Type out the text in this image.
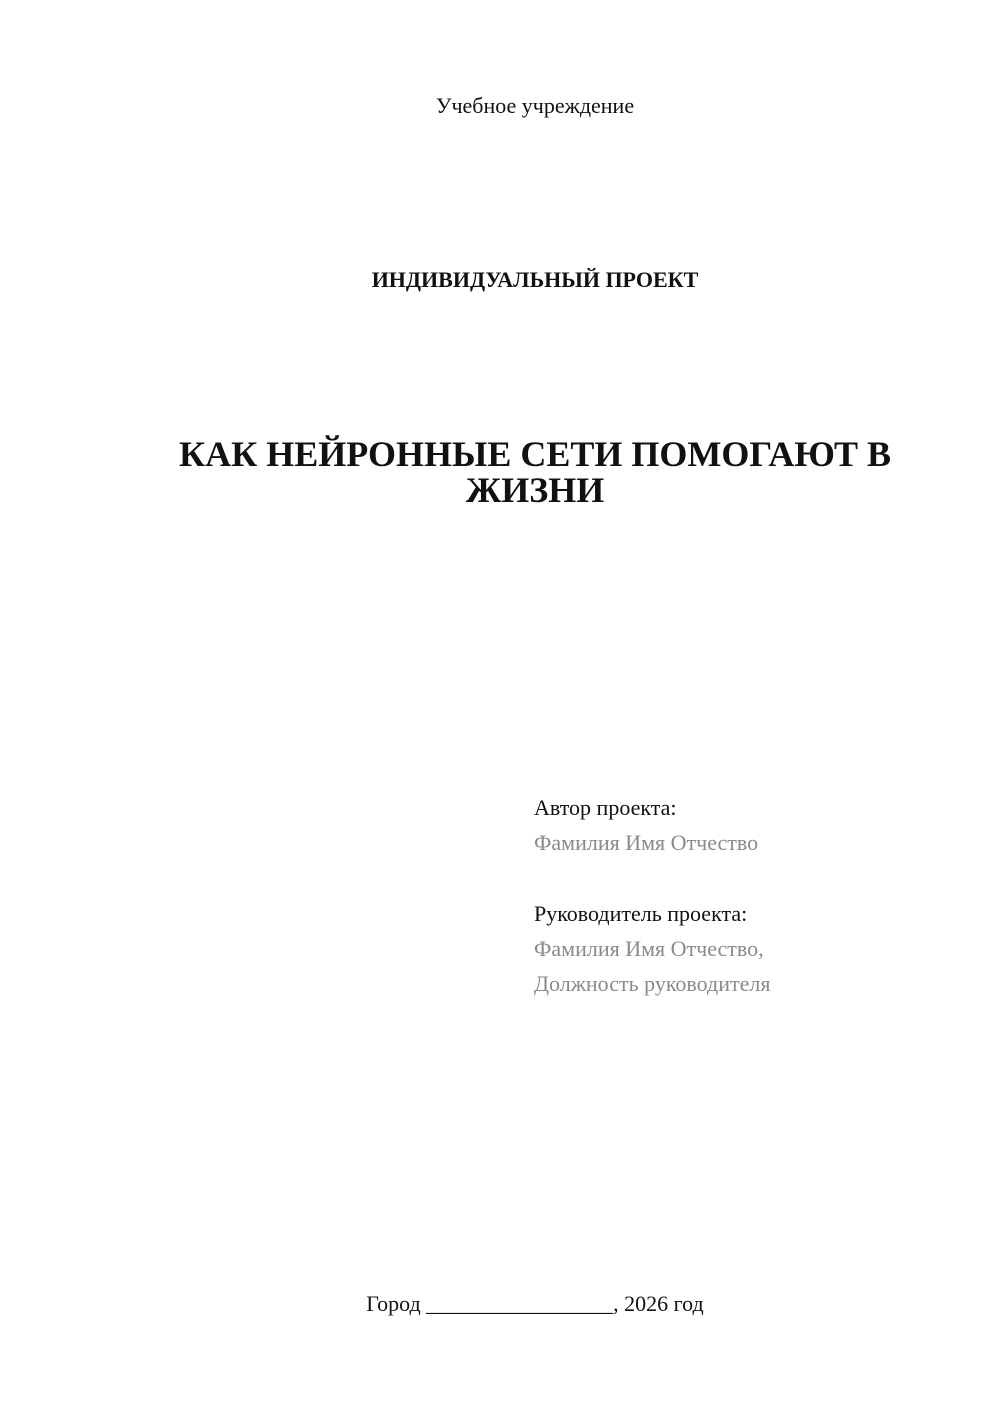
Учебное учреждение
ИНДИВИДУАЛЬНЫЙ ПРОЕКТ
КАК НЕЙРОННЫЕ СЕТИ ПОМОГАЮТ В
ЖИЗНИ
Автор проекта:
Фамилия Имя Отчество
Руководитель проекта:
Фамилия Имя Отчество,
Должность руководителя
Город _________________, 2026 год
